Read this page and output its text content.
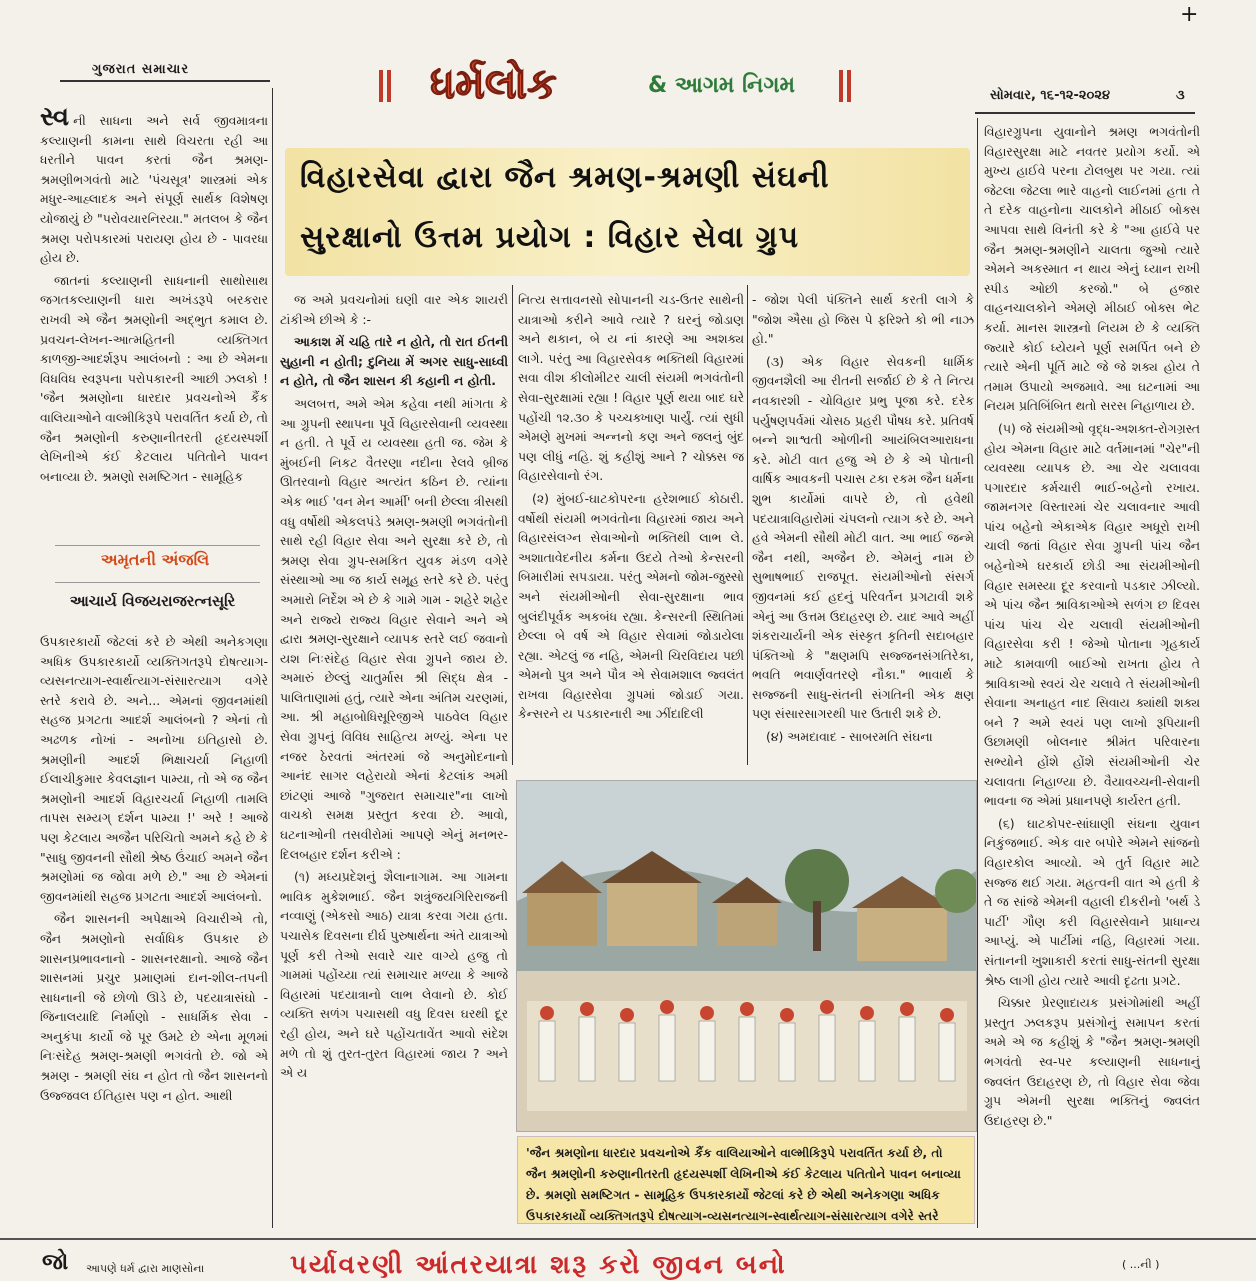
+
ગુજરાત સમાચાર	ધર્મલોક	& આગમ નિગમ	સોમવાર, ૧૬-૧૨-૨૦૨૪	૩
વિહારસેવા દ્વારા જૈન શ્રમણ-શ્રમણી સંઘની
સુરક્ષાનો ઉત્તમ પ્રયોગ : વિહાર સેવા ગ્રુપ

સ્વ ની સાધના અને સર્વ જીવમાત્રના કલ્યાણની કામના સાથે વિચરતા રહી આ ધરતીને પાવન કરતાં જૈન શ્રમણ-શ્રમણીભગવંતો માટે 'પંચસૂત્ર' શાસ્ત્રમાં એક મધુર-આહ્લાદક અને સંપૂર્ણ સાર્થક વિશેષણ યોજાયું છે "પરોવયારનિરયા." મતલબ કે જૈન શ્રમણ પરોપકારમાં પરાયણ હોય છે - પાવરધા હોય છે.

જાતનાં કલ્યાણની સાધનાની સાથોસાથ જગતકલ્યાણની ધારા અખંડરૂપે બરકરાર રાખવી એ જૈન શ્રમણોની અદ્ભુત કમાલ છે. પ્રવચન-લેખન-આત્મહિતની વ્યક્તિગત કાળજી-આદર્શરૂપ આલંબનો : આ છે એમના વિધવિધ સ્વરૂપના પરોપકારની આછી ઝલકો ! 'જૈન શ્રમણોના ધારદાર પ્રવચનોએ કૈંક વાલિયાઓને વાલ્મીકિરૂપે પરાવર્તિત કર્યા છે, તો જૈન શ્રમણોની કરુણાનીતરતી હૃદયસ્પર્શી લેખિનીએ કંઈ કેટલાય પતિતોને પાવન બનાવ્યા છે. શ્રમણો સમષ્ટિગત - સામૂહિક

અમૃતની અંજલિ
આચાર્ય વિજયરાજરત્નસૂરિ

ઉપકારકાર્યો જેટલાં કરે છે એથી અનેકગણા અધિક ઉપકારકાર્યો વ્યક્તિગતરૂપે દોષત્યાગ-વ્યસનત્યાગ-સ્વાર્થત્યાગ-સંસારત્યાગ વગેરે સ્તરે કરાવે છે. અને... એમનાં જીવનમાંથી સહજ પ્રગટતા આદર્શ આલંબનો ? એનાં તો અઢળક નોખાં - અનોખા ઇતિહાસો છે. શ્રમણીની આદર્શ ભિક્ષાચર્યા નિહાળી ઈલાચીકુમાર કેવલજ્ઞાન પામ્યા, તો એ જ જૈન શ્રમણોની આદર્શ વિહારચર્યા નિહાળી તામલિ તાપસ સમ્યગ્ દર્શન પામ્યા !' અરે ! આજે પણ કેટલાય અજૈન પરિચિતો અમને કહે છે કે "સાધુ જીવનની સૌથી શ્રેષ્ઠ ઉંચાઈ અમને જૈન શ્રમણોમાં જ જોવા મળે છે." આ છે એમનાં જીવનમાંથી સહજ પ્રગટતા આદર્શ આલંબનો.

જૈન શાસનની અપેક્ષાએ વિચારીએ તો, જૈન શ્રમણોનો સર્વાધિક ઉપકાર છે શાસનપ્રભાવનાનો - શાસનરક્ષાનો. આજે જૈન શાસનમાં પ્રચુર પ્રમાણમાં દાન-શીલ-તપની સાધનાની જે છોળો ઊડે છે, પદયાત્રાસંઘો - જિનાલયાદિ નિર્માણો - સાધર્મિક સેવા - અનુકંપા કાર્યો જે પૂર ઉમટે છે એના મૂળમાં નિઃસંદેહ શ્રમણ-શ્રમણી ભગવંતો છે. જો એ શ્રમણ - શ્રમણી સંઘ ન હોત તો જૈન શાસનનો ઉજ્જવલ ઈતિહાસ પણ ન હોત. આથી

જ અમે પ્રવચનોમાં ઘણી વાર એક શાયરી ટાંકીએ છીએ કે :-

આકાશ મેં ચહિ તારે ન હોતે, તો રાત ઈતની સુહાની ન હોતી; દુનિયા મેં અગર સાધુ-સાધ્વી ન હોતે, તો જૈન શાસન કી કહાની ન હોતી.

અલબત્ત, અમે એમ કહેવા નથી માંગતા કે આ ગ્રુપની સ્થાપના પૂર્વે વિહારસેવાની વ્યવસ્થા ન હતી. તે પૂર્વે ય વ્યવસ્થા હતી જ. જેમ કે મુંબઈની નિકટ વૈતરણા નદીના રેલવે બ્રીજ ઊતરવાનો વિહાર અત્યંત કઠિન છે. ત્યાંના એક ભાઈ 'વન મેન આર્મી' બની છેલ્લા ત્રીસથી વધુ વર્ષોથી એકલપંડે શ્રમણ-શ્રમણી ભગવંતોની સાથે રહી વિહાર સેવા અને સુરક્ષા કરે છે, તો શ્રમણ સેવા ગ્રુપ-સમકિત યુવક મંડળ વગેરે સંસ્થાઓ આ જ કાર્ય સમૂહ સ્તરે કરે છે. પરંતુ અમારો નિર્દેશ એ છે કે ગામે ગામ - શહેરે શહેર અને રાજ્યે રાજ્ય વિહાર સેવાને અને એ દ્વારા શ્રમણ-સુરક્ષાને વ્યાપક સ્તરે લઈ જવાનો યશ નિઃસંદેહ વિહાર સેવા ગ્રુપને જાય છે. અમારું છેલ્લું ચાતુર્માસ શ્રી સિદ્ધ ક્ષેત્ર - પાલિતાણામાં હતું, ત્યારે એના અંતિમ ચરણમાં, આ. શ્રી મહાબોધિસૂરિજીએ પાઠવેલ વિહાર સેવા ગ્રુપનું વિવિધ સાહિત્ય મળ્યું. એના પર નજર ઠેરવતાં અંતરમાં જે અનુમોદનાનો આનંદ સાગર લહેરાયો એનાં કેટલાંક અમી છાંટણાં આજે "ગુજરાત સમાચાર"ના લાખો વાચકો સમક્ષ પ્રસ્તુત કરવા છે. આવો, ઘટનાઓની તસવીરોમાં આપણે એનું મનભર-દિલબહાર દર્શન કરીએ :

(૧) મધ્યપ્રદેશનું શૈલાનાગામ. આ ગામના ભાવિક મુકેશભાઈ. જૈન શત્રુંજયગિરિરાજની નવ્વાણું (એકસો આઠ) યાત્રા કરવા ગયા હતા. પચાસેક દિવસના દીર્ઘ પુરુષાર્થના અંતે યાત્રાઓ પૂર્ણ કરી તેઓ સવારે ચાર વાગ્યે હજુ તો ગામમાં પહોંચ્યા ત્યાં સમાચાર મળ્યા કે આજે વિહારમાં પદયાત્રાનો લાભ લેવાનો છે. કોઈ વ્યક્તિ સળંગ પચાસથી વધુ દિવસ ઘરથી દૂર રહી હોય, અને ઘરે પહોંચતાવેંત આવો સંદેશ મળે તો શું તુરત-તુરત વિહારમાં જાય ? અને એ ય

નિત્ય સત્તાવનસો સોપાનની ચડ-ઉતર સાથેની યાત્રાઓ કરીને આવે ત્યારે ? ઘરનું જોડાણ અને થકાન, બે ય નાં કારણે આ અશક્ય લાગે. પરંતુ આ વિહારસેવક ભક્તિથી વિહારમાં સવા વીશ કીલોમીટર ચાલી સંયમી ભગવંતોની સેવા-સુરક્ષામાં રહ્યા ! વિહાર પૂર્ણ થયા બાદ ઘરે પહોંચી ૧૨.૩૦ કે પચ્ચક્ખાણ પાર્યું. ત્યાં સુધી એમણે મુખમાં અન્નનો કણ અને જલનું બુંદ પણ લીધું નહિ. શું કહીશું આને ? ચોક્કસ જ વિહારસેવાનો રંગ.

(૨) મુંબઈ-ઘાટકોપરના હરેશભાઈ કોઠારી. વર્ષોથી સંયમી ભગવંતોના વિહારમાં જાય અને વિહારસંલગ્ન સેવાઓનો ભક્તિથી લાભ લે. અશાતાવેદનીય કર્મના ઉદયે તેઓ કેન્સરની બિમારીમાં સપડાયા. પરંતુ એમનો જોમ-જુસ્સો અને સંયમીઓની સેવા-સુરક્ષાના ભાવ બુલંદીપૂર્વક અકબંધ રહ્યા. કેન્સરની સ્થિતિમાં છેલ્લા બે વર્ષ એ વિહાર સેવામાં જોડાયેલા રહ્યા. એટલું જ નહિ, એમની ચિરવિદાય પછી એમનો પુત્ર અને પૌત્ર એ સેવામશાલ જ્વલંત રાખવા વિહારસેવા ગ્રુપમાં જોડાઈ ગયા. કેન્સરને ય પડકારનારી આ ઝીંદાદિલી

- જોશ પેલી પંક્તિને સાર્થ કરતી લાગે કે "જોશ ઐસા હો જિસ પે ફરિશ્તે કો ભી નાઝ હો."

(૩) એક વિહાર સેવકની ધાર્મિક જીવનશૈલી આ રીતની સર્જાઈ છે કે તે નિત્ય નવકારશી - ચોવિહાર પ્રભુ પૂજા કરે. દરેક પર્યુષણપર્વમાં ચોસઠ પ્રહરી પૌષધ કરે. પ્રતિવર્ષ બન્ને શાશ્વતી ઓળીની આયંબિલઆરાધના કરે. મોટી વાત હજુ એ છે કે એ પોતાની વાર્ષિક આવકની પચાસ ટકા રકમ જૈન ધર્મના શુભ કાર્યોમાં વાપરે છે, તો હવેથી પદયાત્રાવિહારોમાં ચંપલનો ત્યાગ કરે છે. અને હવે એમની સૌથી મોટી વાત. આ ભાઈ જન્મે જૈન નથી, અજૈન છે. એમનું નામ છે સુભાષભાઈ રાજપૂત. સંયમીઓનો સંસર્ગ જીવનમાં કઈ હદનું પરિવર્તન પ્રગટાવી શકે એનું આ ઉત્તમ ઉદાહરણ છે. યાદ આવે અહીં શંકરાચાર્યની એક સંસ્કૃત કૃતિની સદાબહાર પંક્તિઓ કે "ક્ષણમપિ સજ્જનસંગતિરેકા, ભવતિ ભવાર્ણવતરણે નૌકા." ભાવાર્થ કે સજ્જની સાધુ-સંતની સંગતિની એક ક્ષણ પણ સંસારસાગરથી પાર ઉતારી શકે છે.

(૪) અમદાવાદ - સાબરમતિ સંઘના

'જૈન શ્રમણોના ધારદાર પ્રવચનોએ કૈંક વાલિયાઓને વાલ્મીકિરૂપે પરાવર્તિત કર્યા છે, તો જૈન શ્રમણોની કરુણાનીતરતી હૃદયસ્પર્શી લેખિનીએ કંઈ કેટલાય પતિતોને પાવન બનાવ્યા છે. શ્રમણો સમષ્ટિગત - સામૂહિક ઉપકારકાર્યો જેટલાં કરે છે એથી અનેકગણા અધિક ઉપકારકાર્યો વ્યક્તિગતરૂપે દોષત્યાગ-વ્યસનત્યાગ-સ્વાર્થત્યાગ-સંસારત્યાગ વગેરે સ્તરે

વિહારગ્રુપના યુવાનોને શ્રમણ ભગવંતોની વિહારસુરક્ષા માટે નવતર પ્રયોગ કર્યો. એ મુખ્ય હાઈવે પરના ટોલબુથ પર ગયા. ત્યાં જેટલા જેટલા ભારે વાહનો લાઈનમાં હતા તે તે દરેક વાહનોના ચાલકોને મીઠાઈ બોક્સ આપવા સાથે વિનંતી કરે કે "આ હાઈવે પર જૈન શ્રમણ-શ્રમણીને ચાલતા જુઓ ત્યારે એમને અકસ્માત ન થાય એનું ધ્યાન રાખી સ્પીડ ઓછી કરજો." બે હજાર વાહનચાલકોને એમણે મીઠાઈ બોક્સ ભેટ કર્યા. માનસ શાસ્ત્રનો નિયમ છે કે વ્યક્તિ જ્યારે કોઈ ધ્યેયને પૂર્ણ સમર્પિત બને છે ત્યારે એની પૂર્તિ માટે જે જે શક્ય હોય તે તમામ ઉપાયો અજમાવે. આ ઘટનામાં આ નિયમ પ્રતિબિંબિત થતો સરસ નિહાળાય છે.

(૫) જે સંયમીઓ વૃદ્ધ-અશક્ત-રોગગ્રસ્ત હોય એમના વિહાર માટે વર્તમાનમાં "ચેર"ની વ્યવસ્થા વ્યાપક છે. આ ચેર ચલાવવા પગારદાર કર્મચારી ભાઈ-બહેનો રખાય. જામનગર વિસ્તારમાં ચેર ચલાવનાર આવી પાંચ બહેનો એકાએક વિહાર અધૂરો રાખી ચાલી જતાં વિહાર સેવા ગ્રુપની પાંચ જૈન બહેનોએ ઘરકાર્ય છોડી આ સંયમીઓની વિહાર સમસ્યા દૂર કરવાનો પડકાર ઝીલ્યો. એ પાંચ જૈન શ્રાવિકાઓએ સળંગ છ દિવસ પાંચ પાંચ ચેર ચલાવી સંયમીઓની વિહારસેવા કરી ! જેઓ પોતાના ગૃહકાર્ય માટે કામવાળી બાઈઓ રાખતા હોય તે શ્રાવિકાઓ સ્વયં ચેર ચલાવે તે સંયમીઓની સેવાના અનાહત નાદ સિવાય ક્યાંથી શક્ય બને ? અમે સ્વયં પણ લાખો રૂપિયાની ઉછામણી બોલનાર શ્રીમંત પરિવારના સભ્યોને હોંશે હોંશે સંયમીઓની ચેર ચલાવતા નિહાળ્યા છે. વૈયાવચ્ચની-સેવાની ભાવના જ એમાં પ્રધાનપણે કાર્યરત હતી.

(૬) ઘાટકોપર-સાંઘાણી સંઘના યુવાન નિકુંજભાઈ. એક વાર બપોરે એમને સાંજનો વિહારકોલ આવ્યો. એ તુર્ત વિહાર માટે સજ્જ થઈ ગયા. મહત્વની વાત એ હતી કે તે જ સાંજે એમની વહાલી દીકરીનો 'બર્થ ડે પાર્ટી' ગૌણ કરી વિહારસેવાને પ્રાધાન્ય આપ્યું. એ પાર્ટીમાં નહિ, વિહારમાં ગયા. સંતાનની ખુશાકારી કરતાં સાધુ-સંતની સુરક્ષા શ્રેષ્ઠ લાગી હોય ત્યારે આવી દૃઢતા પ્રગટે.

ચિક્કાર પ્રેરણાદાયક પ્રસંગોમાંથી અહીં પ્રસ્તુત ઝલકરૂપ પ્રસંગોનું સમાપન કરતાં અમે એ જ કહીશું કે "જૈન શ્રમણ-શ્રમણી ભગવંતો સ્વ-પર કલ્યાણની સાધનાનું જ્વલંત ઉદાહરણ છે, તો વિહાર સેવા જેવા ગ્રુપ એમની સુરક્ષા ભક્તિનું જ્વલંત ઉદાહરણ છે."

જો આપણે ધર્મ દ્વારા માણસોના	પર્યાવરણી આંતરયાત્રા શરૂ કરો જીવન બનો	( ...ની )
